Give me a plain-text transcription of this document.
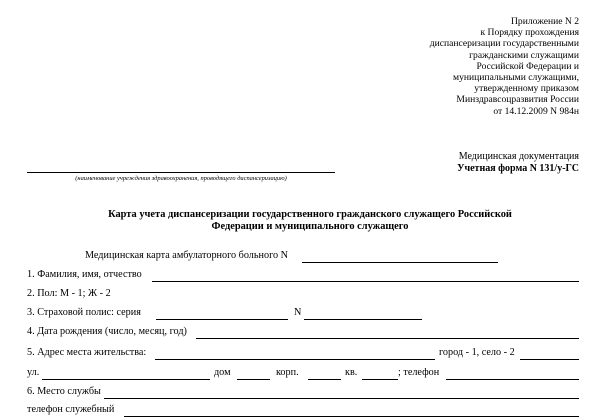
Приложение N 2
к Порядку прохождения
диспансеризации государственными
гражданскими служащими
Российской Федерации и
муниципальными служащими,
утвержденному приказом
Минздравсоцразвития России
от 14.12.2009 N 984н
Медицинская документация
Учетная форма N 131/у-ГС
(наименование учреждения здравоохранения, проводящего диспансеризацию)
Карта учета диспансеризации государственного гражданского служащего Российской
Федерации и муниципального служащего
Медицинская карта амбулаторного больного N
1. Фамилия, имя, отчество
2. Пол: М - 1; Ж - 2
3. Страховой полис: серия	N
4. Дата рождения (число, месяц, год)
5. Адрес места жительства:	город - 1, село - 2
ул.	дом	корп.	кв.	; телефон
6. Место службы
телефон служебный
